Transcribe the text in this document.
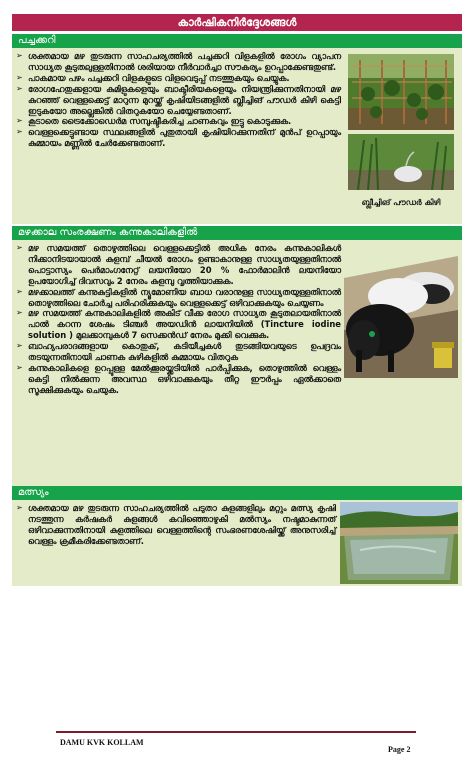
കാർഷികനിർദ്ദേശങ്ങൾ
പച്ചക്കറി
➢ ശക്തമായ മഴ തുടരുന്ന സാഹചര്യത്തിൽ പച്ചക്കറി വിളകളിൽ രോഗം വ്യാപന സാധ്യത കൂടുതലുള്ളതിനാൽ ശരിയായ നീർവാർച്ചാ സൗകര്യം ഉറപ്പാക്കേണ്ടതുണ്ട്.
➢ പാകമായ പഴം പച്ചക്കറി വിളകളുടെ വിളവെടുപ്പ് നടത്തുകയും ചെയ്യുക.
➢ രോഗഹേതുക്കളായ കുമിളുകളെയും ബാക്ടീരിയകളെയും നിയന്ത്രിക്കുന്നതിനായി മഴ കുറഞ്ഞ് വെള്ളക്കെട്ട് മാറുന്ന മുറയ്ക്ക് കൃഷിയിടങ്ങളിൽ ബ്ലീച്ചിങ് പൗഡർ കിഴി കെട്ടി ഇടുകയോ അല്ലെങ്കിൽ വിതറുകയോ ചെയ്യേണ്ടതാണ്.
➢ കൂടാതെ ട്രൈക്കോഡെർമ സമ്പുഷ്ടീകരിച്ച ചാണകവും ഇട്ടു കൊടുക്കുക.
➢ വെള്ളക്കെട്ടുണ്ടായ സ്ഥലങ്ങളിൽ പുതുതായി കൃഷിയിറക്കുന്നതിന് മുൻപ് ഉറപ്പായും കുമ്മായം മണ്ണിൽ ചേർക്കേണ്ടതാണ്.
ബ്ലീച്ചിങ് പൗഡർ കിഴി
മഴക്കാല സംരക്ഷണം കന്നുകാലികളിൽ
➢ മഴ സമയത്ത് തൊഴുത്തിലെ വെള്ളക്കെട്ടിൽ അധിക നേരം കന്നുകാലികൾ നിക്കാനിടയായാൽ കുളമ്പ് ചീയൽ രോഗം ഉണ്ടാകാനുള്ള സാധ്യതയുള്ളതിനാൽ പൊട്ടാസ്യം പെർമാംഗനേറ്റ് ലയനിയോ 20 % ഫോർമാലിൻ ലയനിയോ ഉപയോഗിച്ച് ദിവസവും 2 നേരം കുളമ്പു വൃത്തിയാക്കുക.
➢ മഴക്കാലത്ത് കന്നുകുട്ടികളിൽ ന്യൂമോണിയ ബാധ വരാനുള്ള സാധ്യതയുള്ളതിനാൽ തൊഴുത്തിലെ ചോർച്ച പരിഹരിക്കുകയും വെള്ളക്കെട്ട് ഒഴിവാക്കുകയും ചെയ്യണം
➢ മഴ സമയത്ത് കന്നുകാലികളിൽ അകിട് വീക്ക രോഗ സാധ്യത കൂടുതലായതിനാൽ പാൽ കറന്ന ശേഷം ടിഞ്ചർ അയഡിൻ ലായനിയിൽ (Tincture iodine solution ) മുലക്കാമ്പുകൾ 7 സെക്കൻഡ് നേരം മുക്കി വെക്കുക.
➢ ബാഹ്യപരാദങ്ങളായ കൊതുക്, കടിയീച്ചകൾ തുടങ്ങിയവയുടെ ഉപദ്രവം തടയുന്നതിനായി ചാണക കുഴികളിൽ കുമ്മായം വിതറുക
➢ കന്നുകാലികളെ ഉറപ്പുള്ള മേൽക്കൂരയ്ക്കടിയിൽ പാർപ്പിക്കുക, തൊഴുത്തിൽ വെള്ളം കെട്ടി നിൽക്കുന്ന അവസ്ഥ ഒഴിവാക്കുകയും തീറ്റ ഈർപ്പം ഏൽക്കാതെ സൂക്ഷിക്കുകയും ചെയുക.
മത്സ്യം
➢ ശക്തമായ മഴ തുടരുന്ന സാഹചര്യത്തിൽ പടുതാ കുളങ്ങളിലും മറ്റും മത്സ്യ കൃഷി നടത്തുന്ന കർഷകർ കുളങ്ങൾ കവിഞ്ഞൊഴുകി മൽസ്യം നഷ്ടമാകുന്നത് ഒഴിവാക്കുന്നതിനായി കുളത്തിലെ വെള്ളത്തിന്റെ സംഭരണശേഷിയ്ക്ക് അനുസരിച്ച് വെള്ളം ക്രമീകരിക്കേണ്ടതാണ്.
DAMU KVK KOLLAM
Page 2
